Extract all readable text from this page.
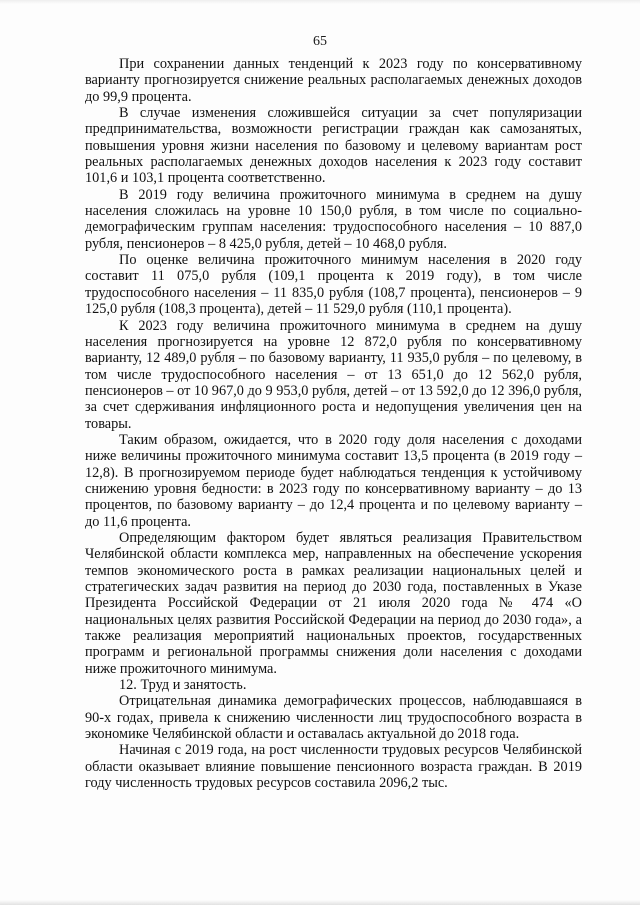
65

При сохранении данных тенденций к 2023 году по консервативному варианту прогнозируется снижение реальных располагаемых денежных доходов до 99,9 процента.

В случае изменения сложившейся ситуации за счет популяризации предпринимательства, возможности регистрации граждан как самозанятых, повышения уровня жизни населения по базовому и целевому вариантам рост реальных располагаемых денежных доходов населения к 2023 году составит 101,6 и 103,1 процента соответственно.

В 2019 году величина прожиточного минимума в среднем на душу населения сложилась на уровне 10 150,0 рубля, в том числе по социально-демографическим группам населения: трудоспособного населения – 10 887,0 рубля, пенсионеров – 8 425,0 рубля, детей – 10 468,0 рубля.

По оценке величина прожиточного минимум населения в 2020 году составит 11 075,0 рубля (109,1 процента к 2019 году), в том числе трудоспособного населения – 11 835,0 рубля (108,7 процента), пенсионеров – 9 125,0 рубля (108,3 процента), детей – 11 529,0 рубля (110,1 процента).

К 2023 году величина прожиточного минимума в среднем на душу населения прогнозируется на уровне 12 872,0 рубля по консервативному варианту, 12 489,0 рубля – по базовому варианту, 11 935,0 рубля – по целевому, в том числе трудоспособного населения – от 13 651,0 до 12 562,0 рубля, пенсионеров – от 10 967,0 до 9 953,0 рубля, детей – от 13 592,0 до 12 396,0 рубля, за счет сдерживания инфляционного роста и недопущения увеличения цен на товары.

Таким образом, ожидается, что в 2020 году доля населения с доходами ниже величины прожиточного минимума составит 13,5 процента (в 2019 году – 12,8). В прогнозируемом периоде будет наблюдаться тенденция к устойчивому снижению уровня бедности: в 2023 году по консервативному варианту – до 13 процентов, по базовому варианту – до 12,4 процента и по целевому варианту – до 11,6 процента.

Определяющим фактором будет являться реализация Правительством Челябинской области комплекса мер, направленных на обеспечение ускорения темпов экономического роста в рамках реализации национальных целей и стратегических задач развития на период до 2030 года, поставленных в Указе Президента Российской Федерации от 21 июля 2020 года № 474 «О национальных целях развития Российской Федерации на период до 2030 года», а также реализация мероприятий национальных проектов, государственных программ и региональной программы снижения доли населения с доходами ниже прожиточного минимума.

12. Труд и занятость.

Отрицательная динамика демографических процессов, наблюдавшаяся в 90-х годах, привела к снижению численности лиц трудоспособного возраста в экономике Челябинской области и оставалась актуальной до 2018 года.

Начиная с 2019 года, на рост численности трудовых ресурсов Челябинской области оказывает влияние повышение пенсионного возраста граждан. В 2019 году численность трудовых ресурсов составила 2096,2 тыс.
